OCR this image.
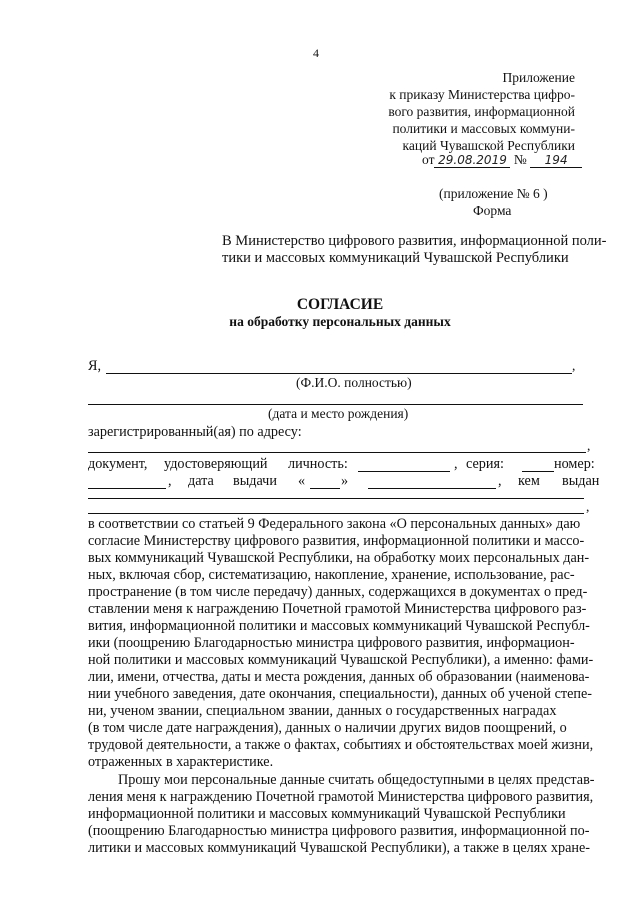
4
Приложение
к приказу Министерства цифро-
вого развития, информационной
политики и массовых коммуни-
каций Чувашской Республики
от 29.08.2019 № 194
(приложение № 6 )
Форма
В Министерство цифрового развития, информационной поли-
тики и массовых коммуникаций Чувашской Республики
СОГЛАСИЕ
на обработку персональных данных
Я,	,
(Ф.И.О. полностью)
(дата и место рождения)
зарегистрированный(ая) по адресу:
,
документ, удостоверяющий личность:	, серия:	номер:
, дата выдачи «	»	, кем выдан
,
в соответствии со статьей 9 Федерального закона «О персональных данных» даю
согласие Министерству цифрового развития, информационной политики и массо-
вых коммуникаций Чувашской Республики, на обработку моих персональных дан-
ных, включая сбор, систематизацию, накопление, хранение, использование, рас-
пространение (в том числе передачу) данных, содержащихся в документах о пред-
ставлении меня к награждению Почетной грамотой Министерства цифрового раз-
вития, информационной политики и массовых коммуникаций Чувашской Республ-
ики (поощрению Благодарностью министра цифрового развития, информацион-
ной политики и массовых коммуникаций Чувашской Республики), а именно: фами-
лии, имени, отчества, даты и места рождения, данных об образовании (наименова-
нии учебного заведения, дате окончания, специальности), данных об ученой степе-
ни, ученом звании, специальном звании, данных о государственных наградах
(в том числе дате награждения), данных о наличии других видов поощрений, о
трудовой деятельности, а также о фактах, событиях и обстоятельствах моей жизни,
отраженных в характеристике.
Прошу мои персональные данные считать общедоступными в целях представ-
ления меня к награждению Почетной грамотой Министерства цифрового развития,
информационной политики и массовых коммуникаций Чувашской Республики
(поощрению Благодарностью министра цифрового развития, информационной по-
литики и массовых коммуникаций Чувашской Республики), а также в целях хране-
